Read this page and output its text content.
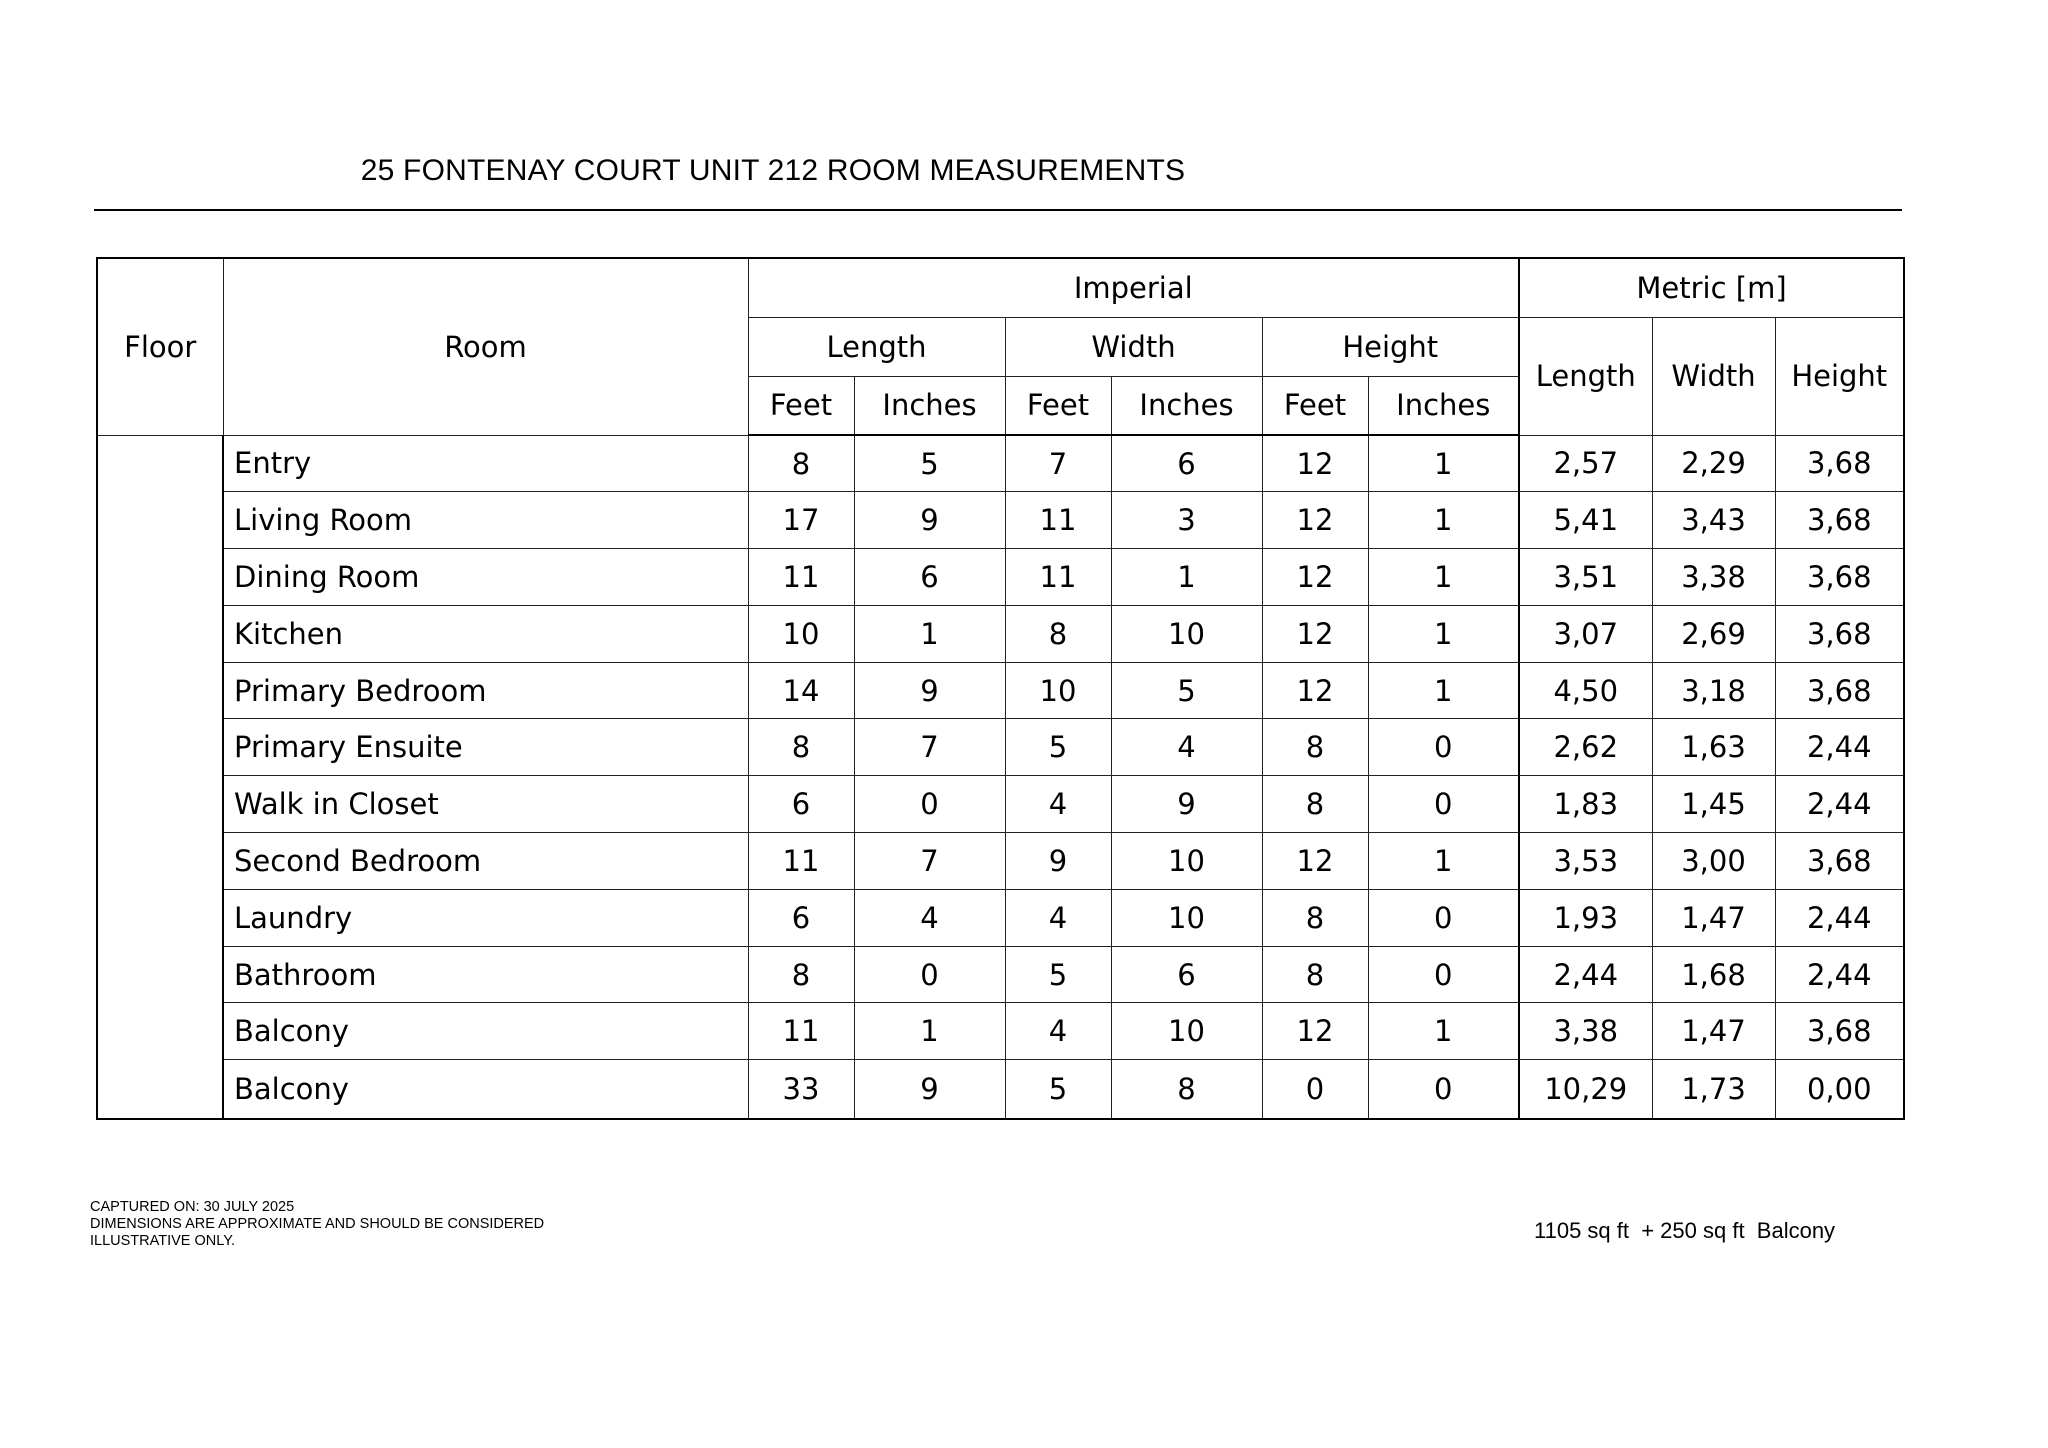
25 FONTENAY COURT UNIT 212 ROOM MEASUREMENTS
Floor	Room	Imperial						Metric [m]		
		Length		Width		Height		Length	Width	Height
		Feet	Inches	Feet	Inches	Feet	Inches			
	Entry	8	5	7	6	12	1	2,57	2,29	3,68
	Living Room	17	9	11	3	12	1	5,41	3,43	3,68
	Dining Room	11	6	11	1	12	1	3,51	3,38	3,68
	Kitchen	10	1	8	10	12	1	3,07	2,69	3,68
	Primary Bedroom	14	9	10	5	12	1	4,50	3,18	3,68
	Primary Ensuite	8	7	5	4	8	0	2,62	1,63	2,44
	Walk in Closet	6	0	4	9	8	0	1,83	1,45	2,44
	Second Bedroom	11	7	9	10	12	1	3,53	3,00	3,68
	Laundry	6	4	4	10	8	0	1,93	1,47	2,44
	Bathroom	8	0	5	6	8	0	2,44	1,68	2,44
	Balcony	11	1	4	10	12	1	3,38	1,47	3,68
	Balcony	33	9	5	8	0	0	10,29	1,73	0,00
CAPTURED ON: 30 JULY 2025
DIMENSIONS ARE APPROXIMATE AND SHOULD BE CONSIDERED
ILLUSTRATIVE ONLY.	1105 sq ft  + 250 sq ft  Balcony
